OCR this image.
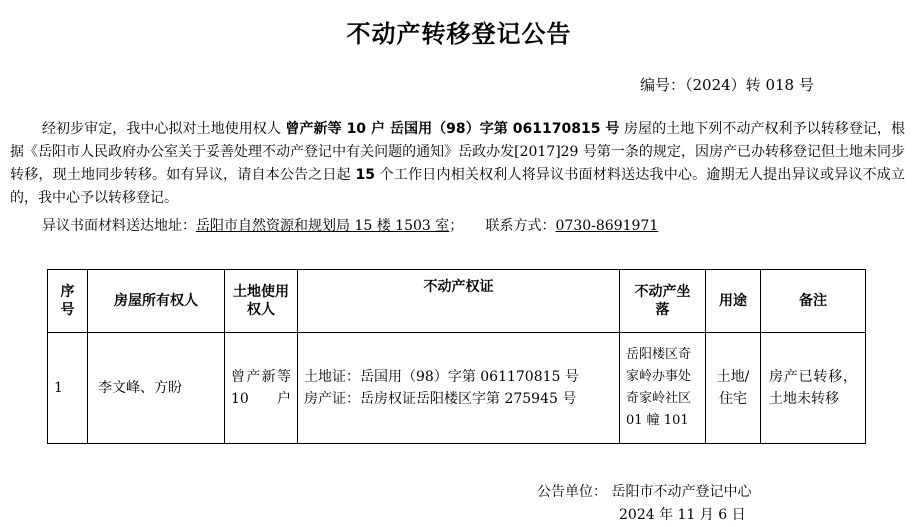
不动产转移登记公告
编号：（2024）转 018 号
经初步审定，我中心拟对土地使用权人 曾产新等 10 户 岳国用（98）字第 061170815 号 房屋的土地下列不动产权利予以转移登记，根据《岳阳市人民政府办公室关于妥善处理不动产登记中有关问题的通知》岳政办发[2017]29 号第一条的规定，因房产已办转移登记但土地未同步转移，现土地同步转移。如有异议，请自本公告之日起 15 个工作日内相关权利人将异议书面材料送达我中心。逾期无人提出异议或异议不成立的，我中心予以转移登记。
异议书面材料送达地址：岳阳市自然资源和规划局 15 楼 1503 室； 联系方式：0730-8691971
序号	房屋所有权人	土地使用权人	不动产权证	不动产坐落	用途	备注
1	李文峰、方盼	曾产新等 10 户	土地证：岳国用（98）字第 061170815 号
房产证：岳房权证岳阳楼区字第 275945 号	岳阳楼区奇家岭办事处奇家岭社区 01 幢 101	土地/住宅	房产已转移，土地未转移
公告单位： 岳阳市不动产登记中心
2024 年 11 月 6 日
